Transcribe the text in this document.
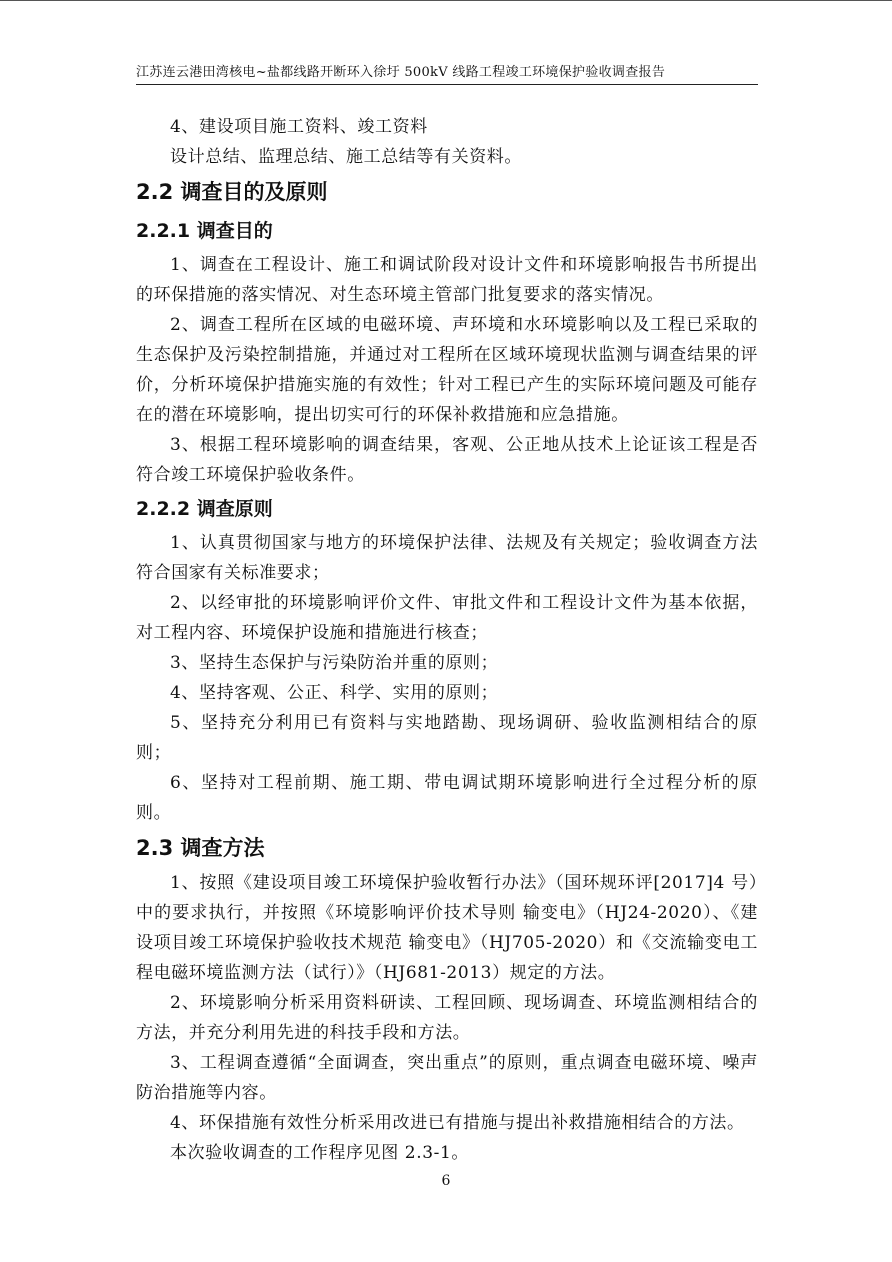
江苏连云港田湾核电~盐都线路开断环入徐圩 500kV 线路工程竣工环境保护验收调查报告

4、建设项目施工资料、竣工资料

设计总结、监理总结、施工总结等有关资料。

2.2 调查目的及原则
2.2.1 调查目的

1、调查在工程设计、施工和调试阶段对设计文件和环境影响报告书所提出的环保措施的落实情况、对生态环境主管部门批复要求的落实情况。

2、调查工程所在区域的电磁环境、声环境和水环境影响以及工程已采取的生态保护及污染控制措施，并通过对工程所在区域环境现状监测与调查结果的评价，分析环境保护措施实施的有效性；针对工程已产生的实际环境问题及可能存在的潜在环境影响，提出切实可行的环保补救措施和应急措施。

3、根据工程环境影响的调查结果，客观、公正地从技术上论证该工程是否符合竣工环境保护验收条件。

2.2.2 调查原则

1、认真贯彻国家与地方的环境保护法律、法规及有关规定；验收调查方法符合国家有关标准要求；

2、以经审批的环境影响评价文件、审批文件和工程设计文件为基本依据，对工程内容、环境保护设施和措施进行核查；

3、坚持生态保护与污染防治并重的原则；

4、坚持客观、公正、科学、实用的原则；

5、坚持充分利用已有资料与实地踏勘、现场调研、验收监测相结合的原则；

6、坚持对工程前期、施工期、带电调试期环境影响进行全过程分析的原则。

2.3 调查方法

1、按照《建设项目竣工环境保护验收暂行办法》（国环规环评[2017]4 号）中的要求执行，并按照《环境影响评价技术导则 输变电》（HJ24-2020）、《建设项目竣工环境保护验收技术规范 输变电》（HJ705-2020）和《交流输变电工程电磁环境监测方法（试行）》（HJ681-2013）规定的方法。

2、环境影响分析采用资料研读、工程回顾、现场调查、环境监测相结合的方法，并充分利用先进的科技手段和方法。

3、工程调查遵循“全面调查，突出重点”的原则，重点调查电磁环境、噪声防治措施等内容。

4、环保措施有效性分析采用改进已有措施与提出补救措施相结合的方法。

本次验收调查的工作程序见图 2.3-1。

6
